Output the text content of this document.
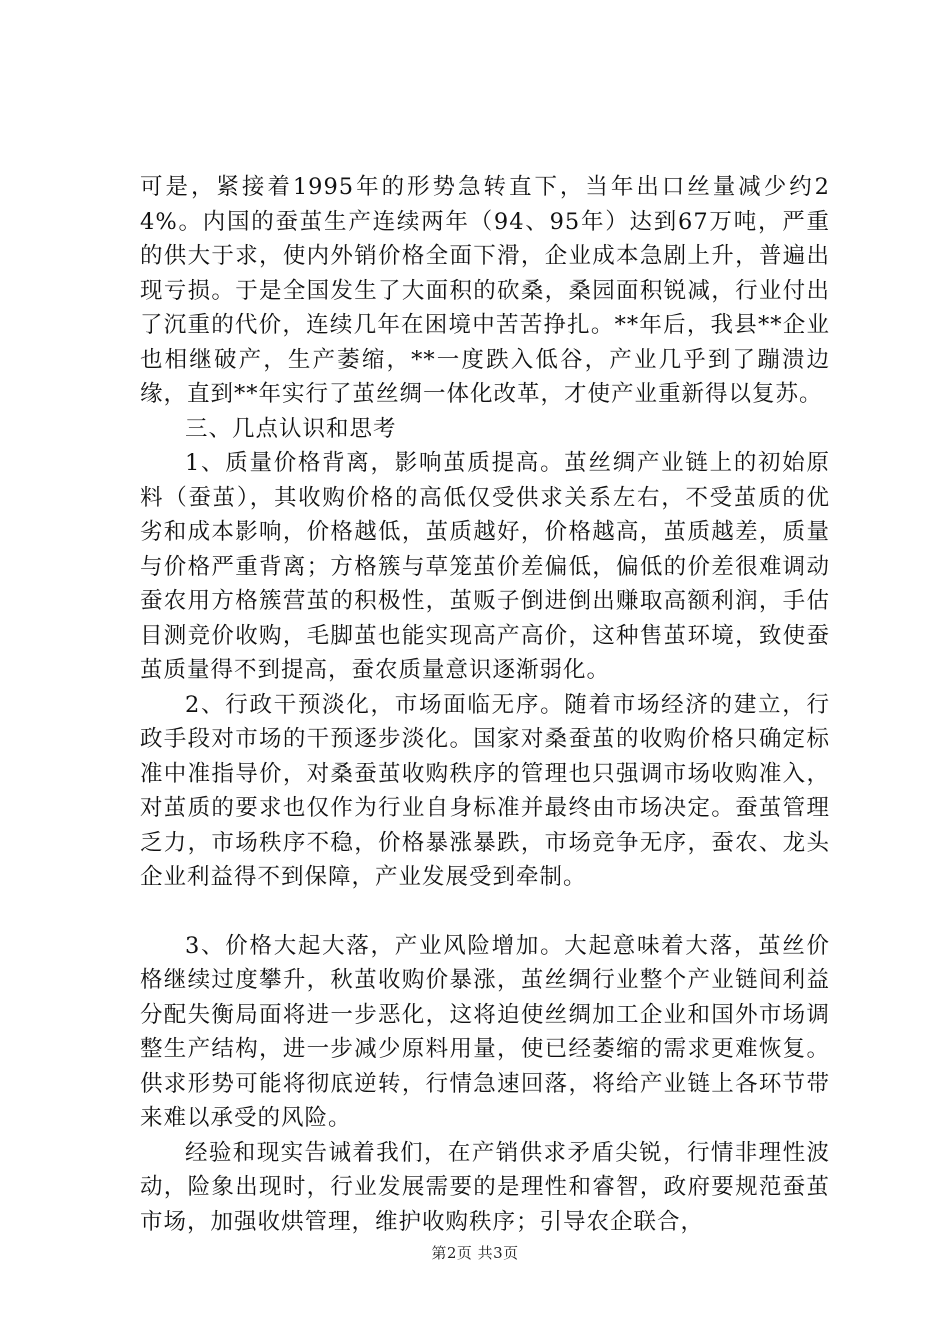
可是，紧接着1995年的形势急转直下，当年出口丝量减少约24%。内国的蚕茧生产连续两年（94、95年）达到67万吨，严重的供大于求，使内外销价格全面下滑，企业成本急剧上升，普遍出现亏损。于是全国发生了大面积的砍桑，桑园面积锐减，行业付出了沉重的代价，连续几年在困境中苦苦挣扎。**年后，我县**企业也相继破产，生产萎缩，**一度跌入低谷，产业几乎到了蹦溃边缘，直到**年实行了茧丝绸一体化改革，才使产业重新得以复苏。

三、几点认识和思考

1、质量价格背离，影响茧质提高。茧丝绸产业链上的初始原料（蚕茧），其收购价格的高低仅受供求关系左右，不受茧质的优劣和成本影响，价格越低，茧质越好，价格越高，茧质越差，质量与价格严重背离；方格簇与草笼茧价差偏低，偏低的价差很难调动蚕农用方格簇营茧的积极性，茧贩子倒进倒出赚取高额利润，手估目测竞价收购，毛脚茧也能实现高产高价，这种售茧环境，致使蚕茧质量得不到提高，蚕农质量意识逐渐弱化。

2、行政干预淡化，市场面临无序。随着市场经济的建立，行政手段对市场的干预逐步淡化。国家对桑蚕茧的收购价格只确定标准中准指导价，对桑蚕茧收购秩序的管理也只强调市场收购准入，对茧质的要求也仅作为行业自身标准并最终由市场决定。蚕茧管理乏力，市场秩序不稳，价格暴涨暴跌，市场竞争无序，蚕农、龙头企业利益得不到保障，产业发展受到牵制。

3、价格大起大落，产业风险增加。大起意味着大落，茧丝价格继续过度攀升，秋茧收购价暴涨，茧丝绸行业整个产业链间利益分配失衡局面将进一步恶化，这将迫使丝绸加工企业和国外市场调整生产结构，进一步减少原料用量，使已经萎缩的需求更难恢复。供求形势可能将彻底逆转，行情急速回落，将给产业链上各环节带来难以承受的风险。

经验和现实告诫着我们，在产销供求矛盾尖锐，行情非理性波动，险象出现时，行业发展需要的是理性和睿智，政府要规范蚕茧市场，加强收烘管理，维护收购秩序；引导农企联合，

第2页 共3页
